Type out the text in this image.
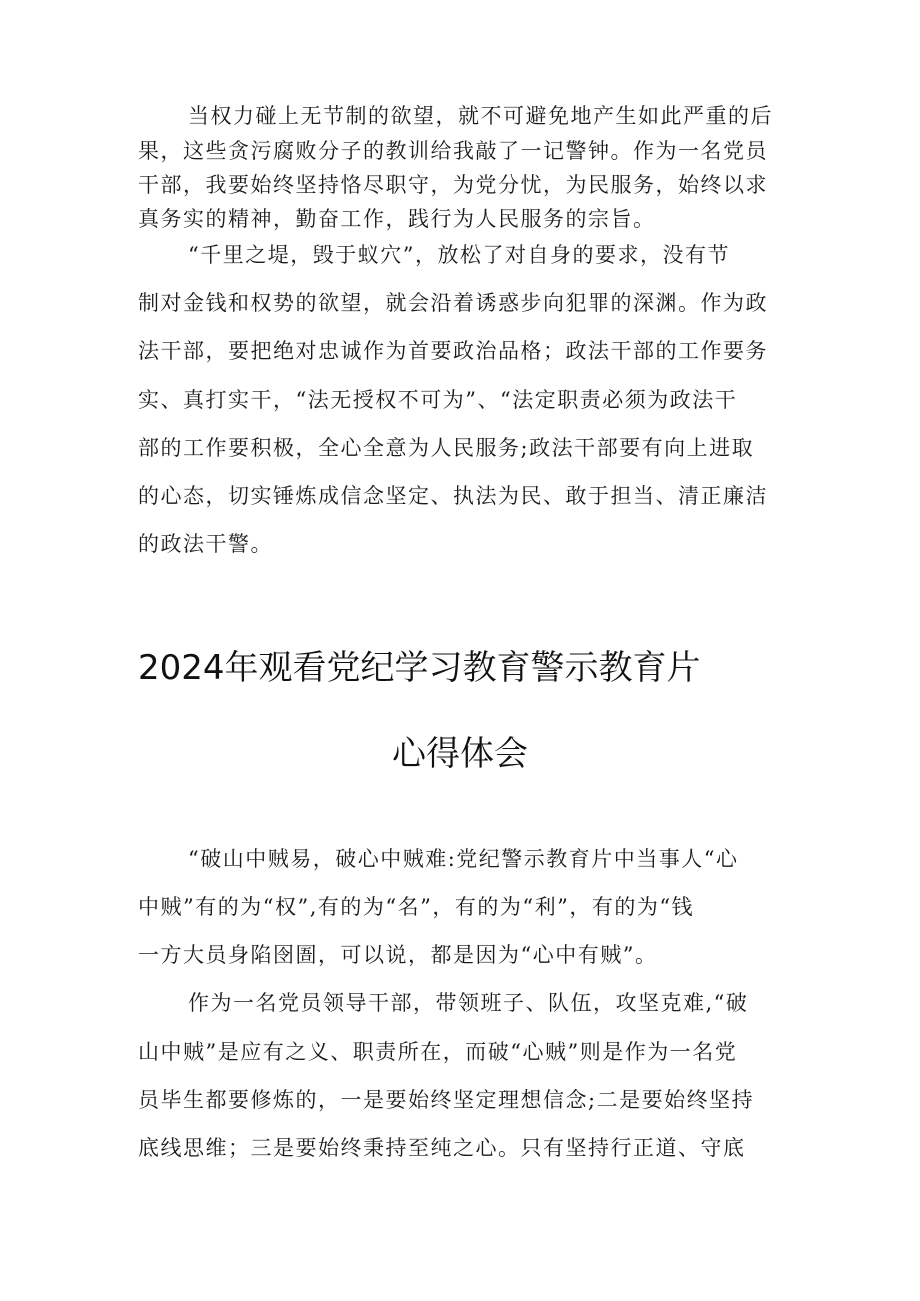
当权力碰上无节制的欲望，就不可避免地产生如此严重的后
果，这些贪污腐败分子的教训给我敲了一记警钟。作为一名党员
干部，我要始终坚持恪尽职守，为党分忧，为民服务，始终以求
真务实的精神，勤奋工作，践行为人民服务的宗旨。
“千里之堤，毁于蚁穴”，放松了对自身的要求，没有节
制对金钱和权势的欲望，就会沿着诱惑步向犯罪的深渊。作为政
法干部，要把绝对忠诚作为首要政治品格；政法干部的工作要务
实、真打实干，“法无授权不可为”、“法定职责必须为政法干
部的工作要积极，全心全意为人民服务;政法干部要有向上进取
的心态，切实锤炼成信念坚定、执法为民、敢于担当、清正廉洁
的政法干警。
2024年观看党纪学习教育警示教育片
心得体会
“破山中贼易，破心中贼难:党纪警示教育片中当事人“心
中贼”有的为“权”,有的为“名”，有的为“利”，有的为“钱
一方大员身陷囹圄，可以说，都是因为“心中有贼”。
作为一名党员领导干部，带领班子、队伍，攻坚克难,“破
山中贼”是应有之义、职责所在，而破“心贼”则是作为一名党
员毕生都要修炼的，一是要始终坚定理想信念;二是要始终坚持
底线思维；三是要始终秉持至纯之心。只有坚持行正道、守底
